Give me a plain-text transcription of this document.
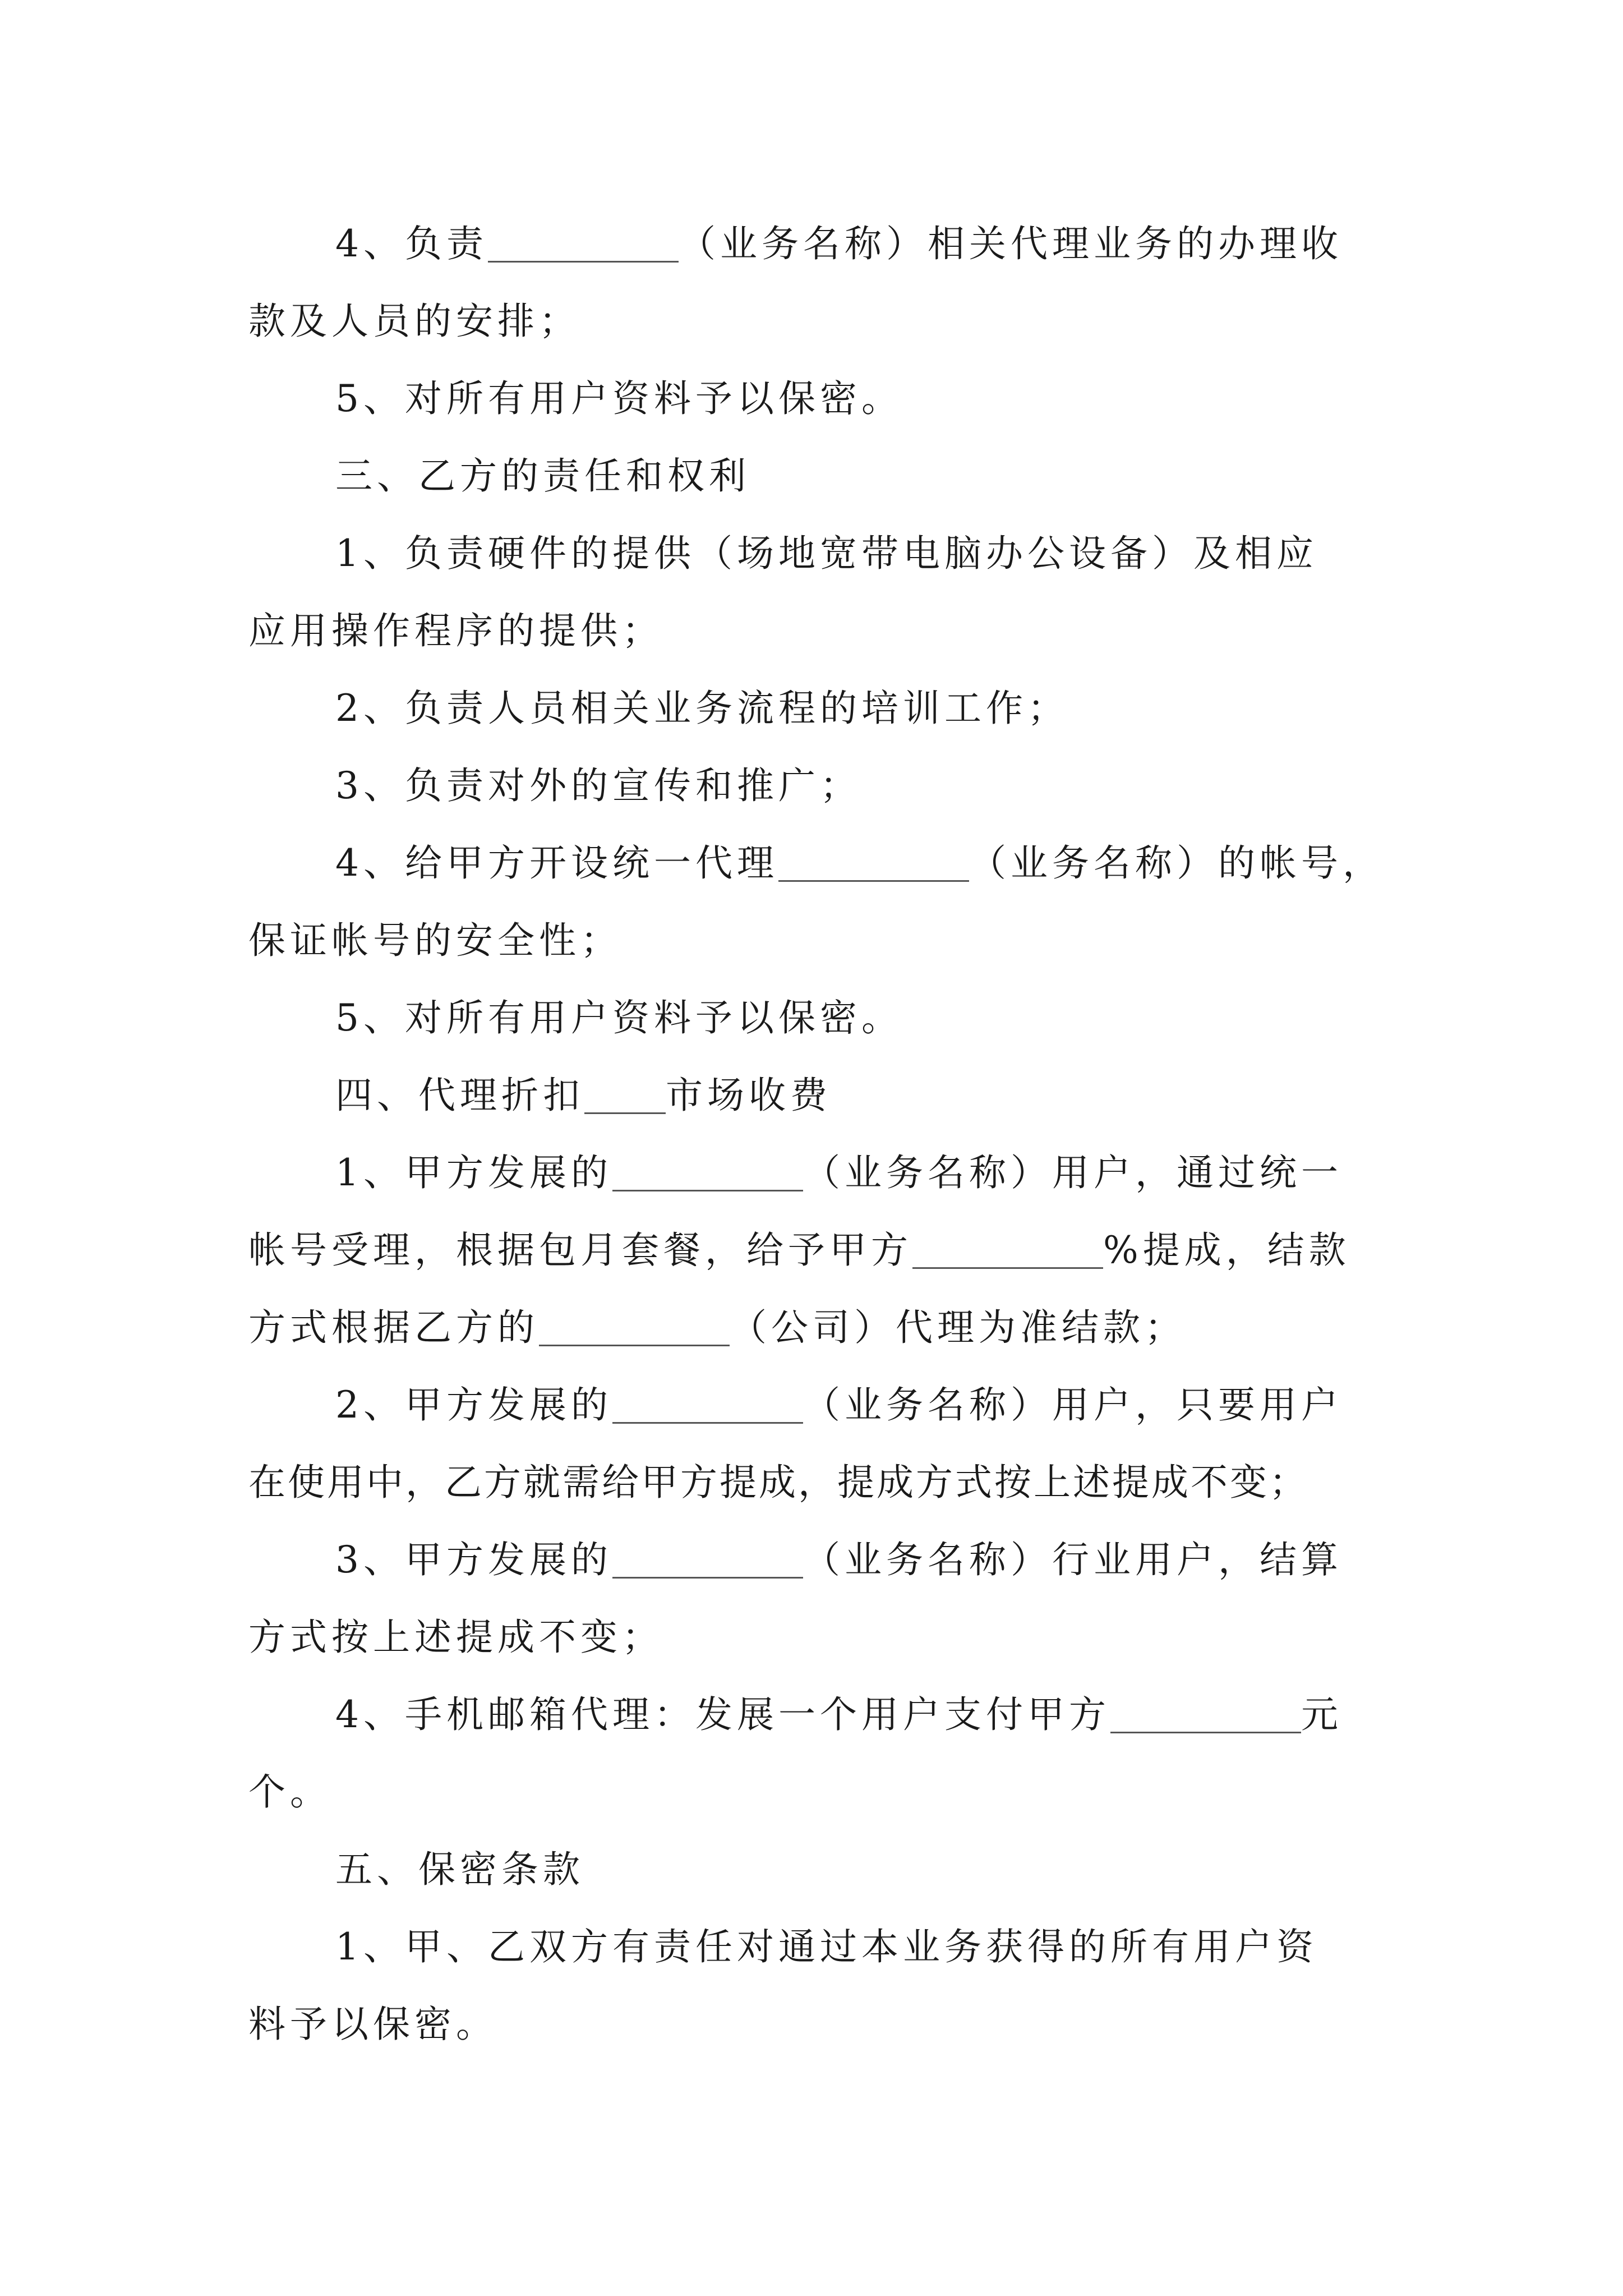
4、负责	（业务名称）相关代理业务的办理收
款及人员的安排；
5、对所有用户资料予以保密。
三、乙方的责任和权利
1、负责硬件的提供（场地宽带电脑办公设备）及相应
应用操作程序的提供；
2、负责人员相关业务流程的培训工作；
3、负责对外的宣传和推广；
4、给甲方开设统一代理	（业务名称）的帐号，
保证帐号的安全性；
5、对所有用户资料予以保密。
四、代理折扣 市场收费
1、甲方发展的	（业务名称）用户，通过统一
帐号受理，根据包月套餐，给予甲方	%提成，结款
方式根据乙方的	（公司）代理为准结款；
2、甲方发展的	（业务名称）用户，只要用户
在使用中，乙方就需给甲方提成，提成方式按上述提成不变；
3、甲方发展的	（业务名称）行业用户，结算
方式按上述提成不变；
4、手机邮箱代理：发展一个用户支付甲方	元
个。
五、保密条款
1、甲、乙双方有责任对通过本业务获得的所有用户资
料予以保密。
